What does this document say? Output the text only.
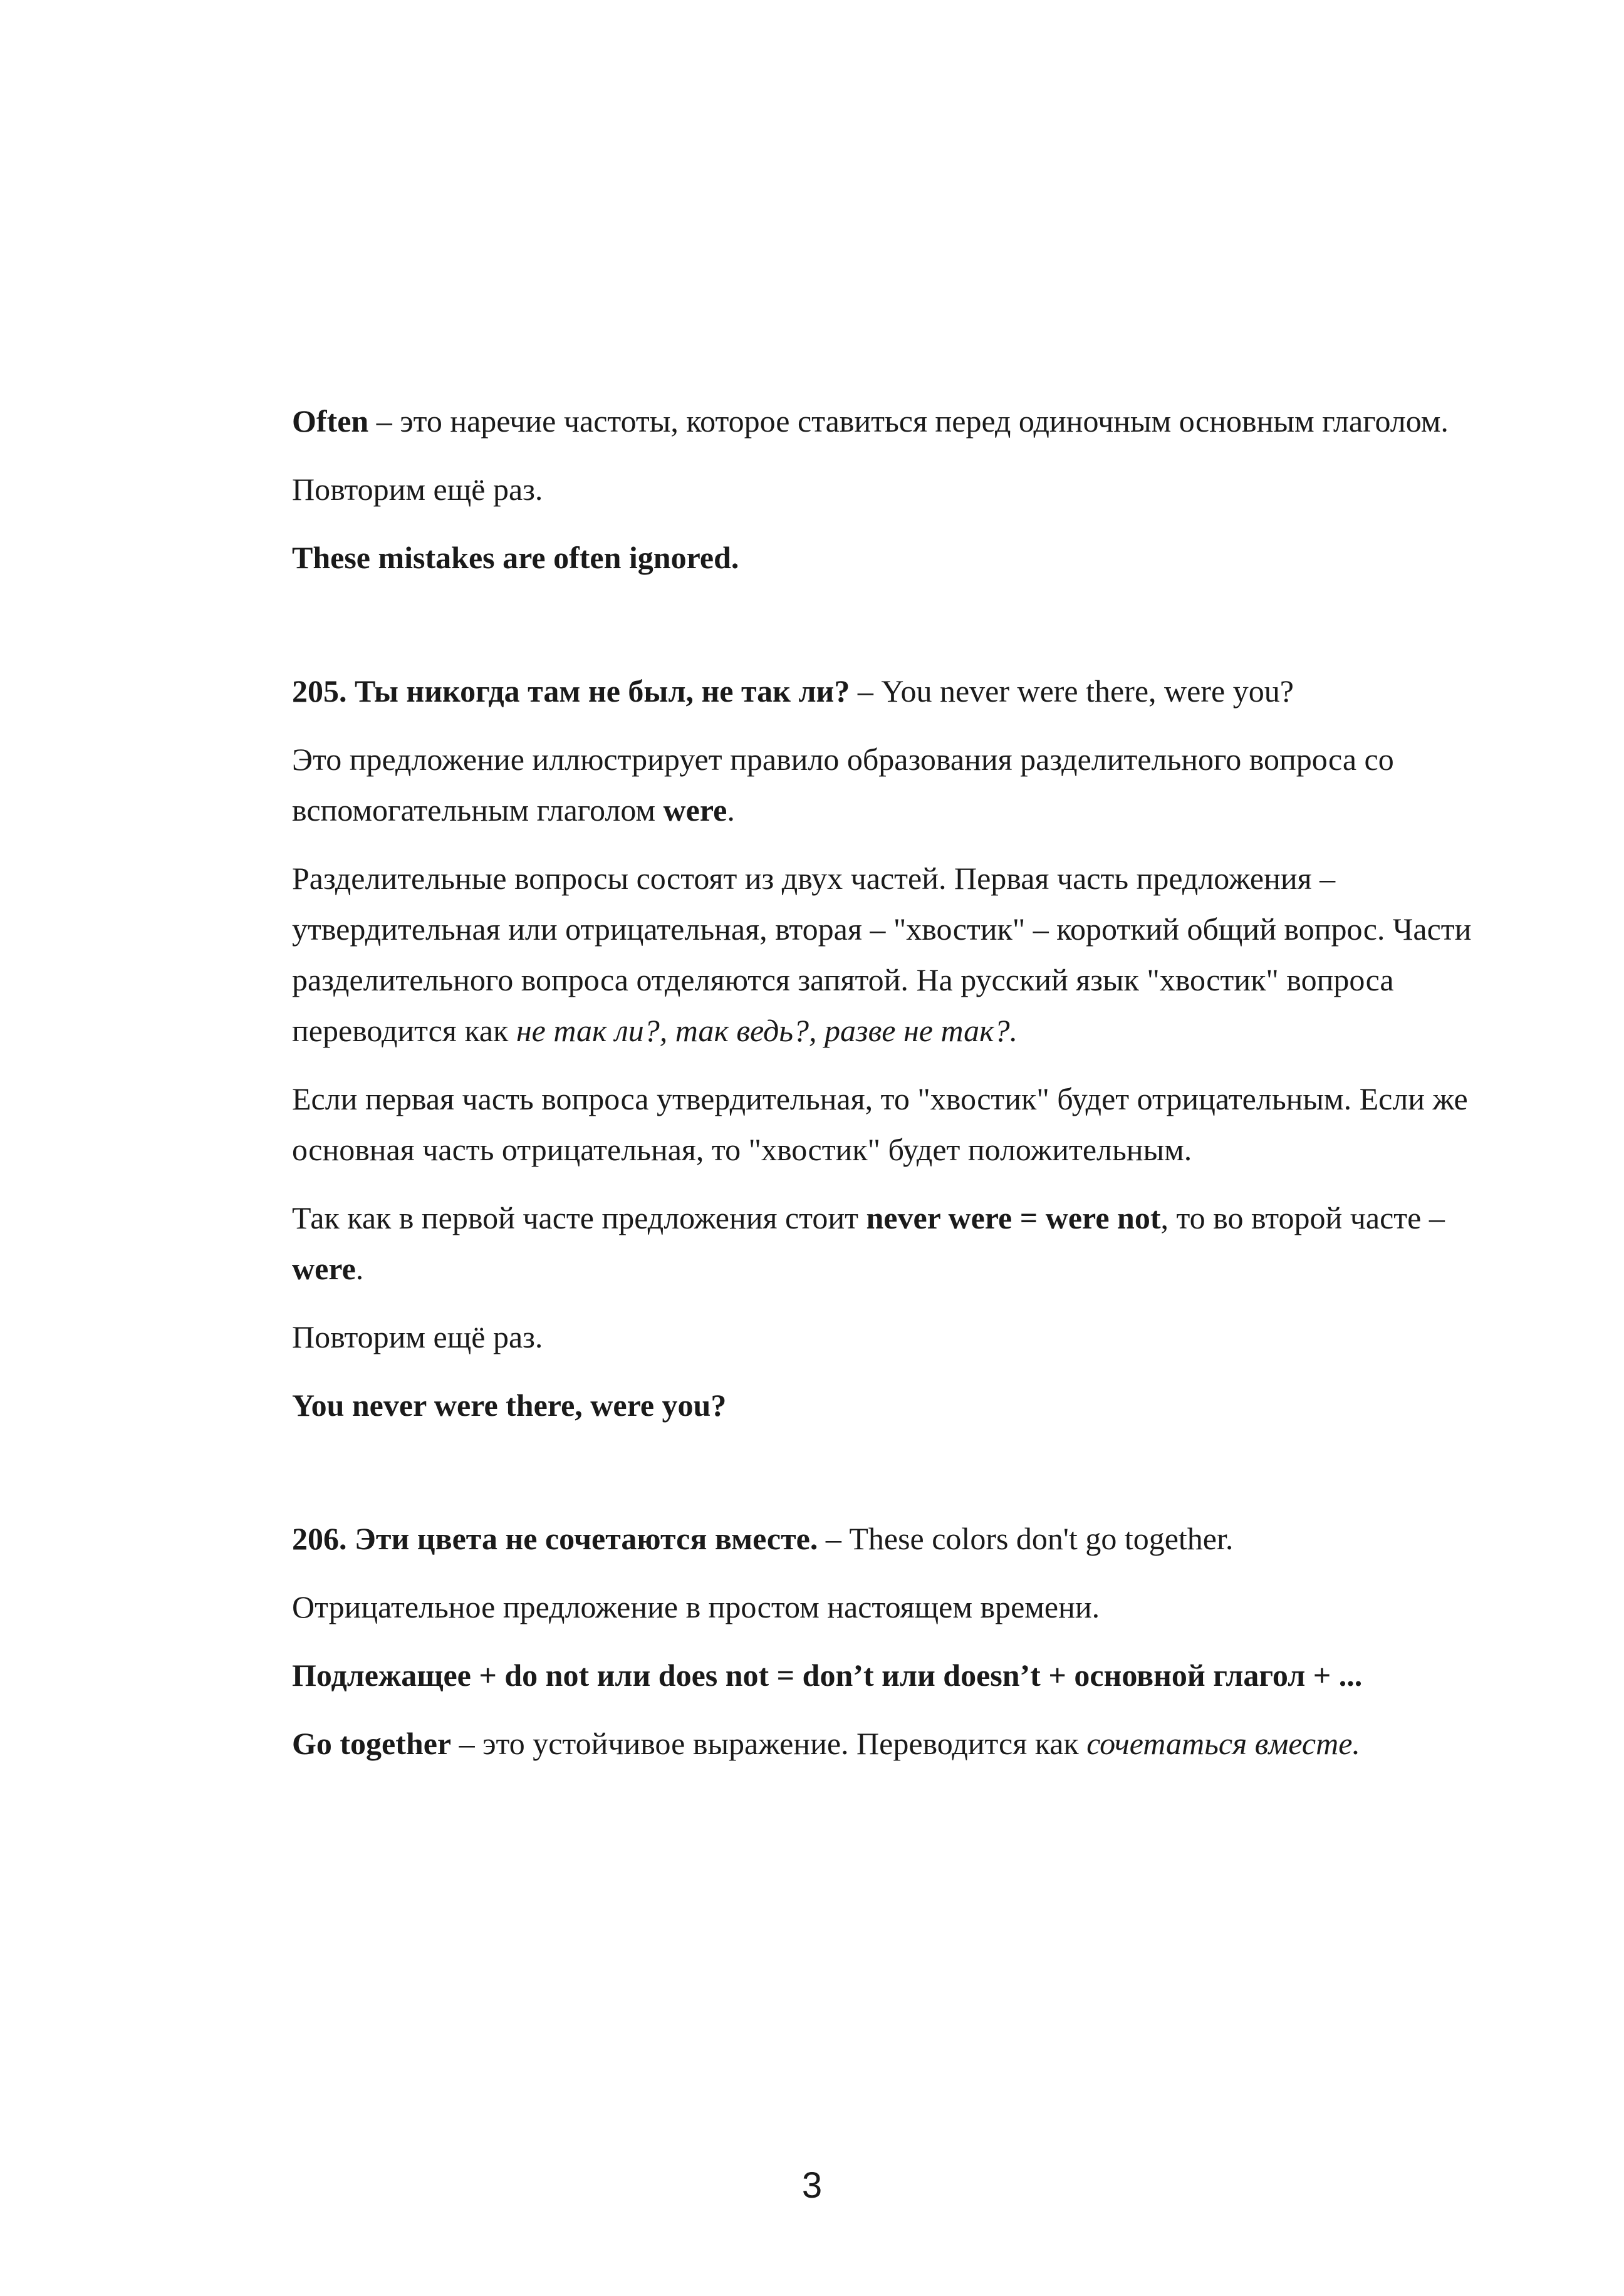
Often – это наречие частоты, которое ставиться перед одиночным основным глаголом.

Повторим ещё раз.

These mistakes are often ignored.

205. Ты никогда там не был, не так ли? – You never were there, were you?

Это предложение иллюстрирует правило образования разделительного вопроса со вспомогательным глаголом were.

Разделительные вопросы состоят из двух частей. Первая часть предложения – утвердительная или отрицательная, вторая – "хвостик" – короткий общий вопрос. Части разделительного вопроса отделяются запятой. На русский язык "хвостик" вопроса переводится как не так ли?, так ведь?, разве не так?.

Если первая часть вопроса утвердительная, то "хвостик" будет отрицательным. Если же основная часть отрицательная, то "хвостик" будет положительным.

Так как в первой часте предложения стоит never were = were not, то во второй часте – were.

Повторим ещё раз.

You never were there, were you?

206. Эти цвета не сочетаются вместе. – These colors don't go together.

Отрицательное предложение в простом настоящем времени.

Подлежащее + do not или does not = don’t или doesn’t + основной глагол + ...

Go together – это устойчивое выражение. Переводится как сочетаться вместе.

3
